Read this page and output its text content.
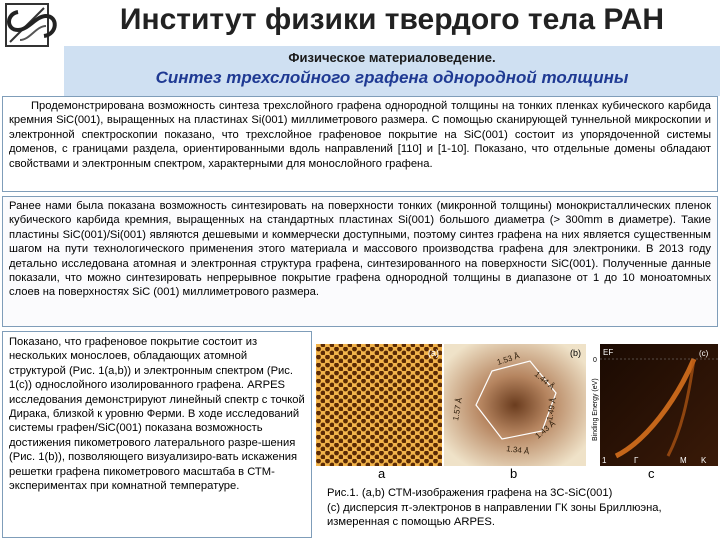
Институт физики твердого тела РАН
Физическое материаловедение.
Синтез трехслойного графена однородной толщины

Продемонстрирована возможность синтеза трехслойного графена однородной толщины на тонких пленках кубического карбида кремния SiC(001), выращенных на пластинах Si(001) миллиметрового размера. С помощью сканирующей туннельной микроскопии и электронной спектроскопии показано, что трехслойное графеновое покрытие на SiC(001) состоит из упорядоченной системы доменов, с границами раздела, ориентированными вдоль направлений [110] и [1-10]. Показано, что отдельные домены обладают свойствами и электронным спектром, характерными для монослойного графена.

Ранее нами была показана возможность синтезировать на поверхности тонких (микронной толщины) монокристаллических пленок кубического карбида кремния, выращенных на стандартных пластинах Si(001) большого диаметра (> 300mm в диаметре). Такие пластины SiC(001)/Si(001) являются дешевыми и коммерчески доступными, поэтому синтез графена на них является существенным шагом на пути технологического применения этого материала и массового производства графена для электроники. В 2013 году детально исследована атомная и электронная структура графена, синтезированного на поверхности SiC(001). Полученные данные показали, что можно синтезировать непрерывное покрытие графена однородной толщины в диапазоне от 1 до 10 моноатомных слоев на поверхностях SiC (001) миллиметрового размера.

Показано, что графеновое покрытие состоит из нескольких монослоев, обладающих атомной структурой (Рис. 1(a,b)) и электронным спектром (Рис. 1(c)) однослойного изолированного графена. ARPES исследования демонстрируют линейный спектр с точкой Дирака, близкой к уровню Ферми. В ходе исследований системы графен/SiC(001) показана возможность достижения пикометрового латерального разре-шения (Рис. 1(b)), позволяющего визуализиро-вать искажения решетки графена пикометрового масштаба в СТМ-экспериментах при комнатной температуре.

(a)	(b)
1.53 Å
1.57 Å	1.49 Å
1.34 Å
1.44 Å
1.43 Å	Binding Energy (eV)
EF	(c)
1	Γ	M K
0
a	b	c
Рис.1. (a,b) СТМ-изображения графена на 3C-SiC(001)
(с) дисперсия π-электронов в направлении ГК зоны Бриллюэна,
измеренная с помощью ARPES.
